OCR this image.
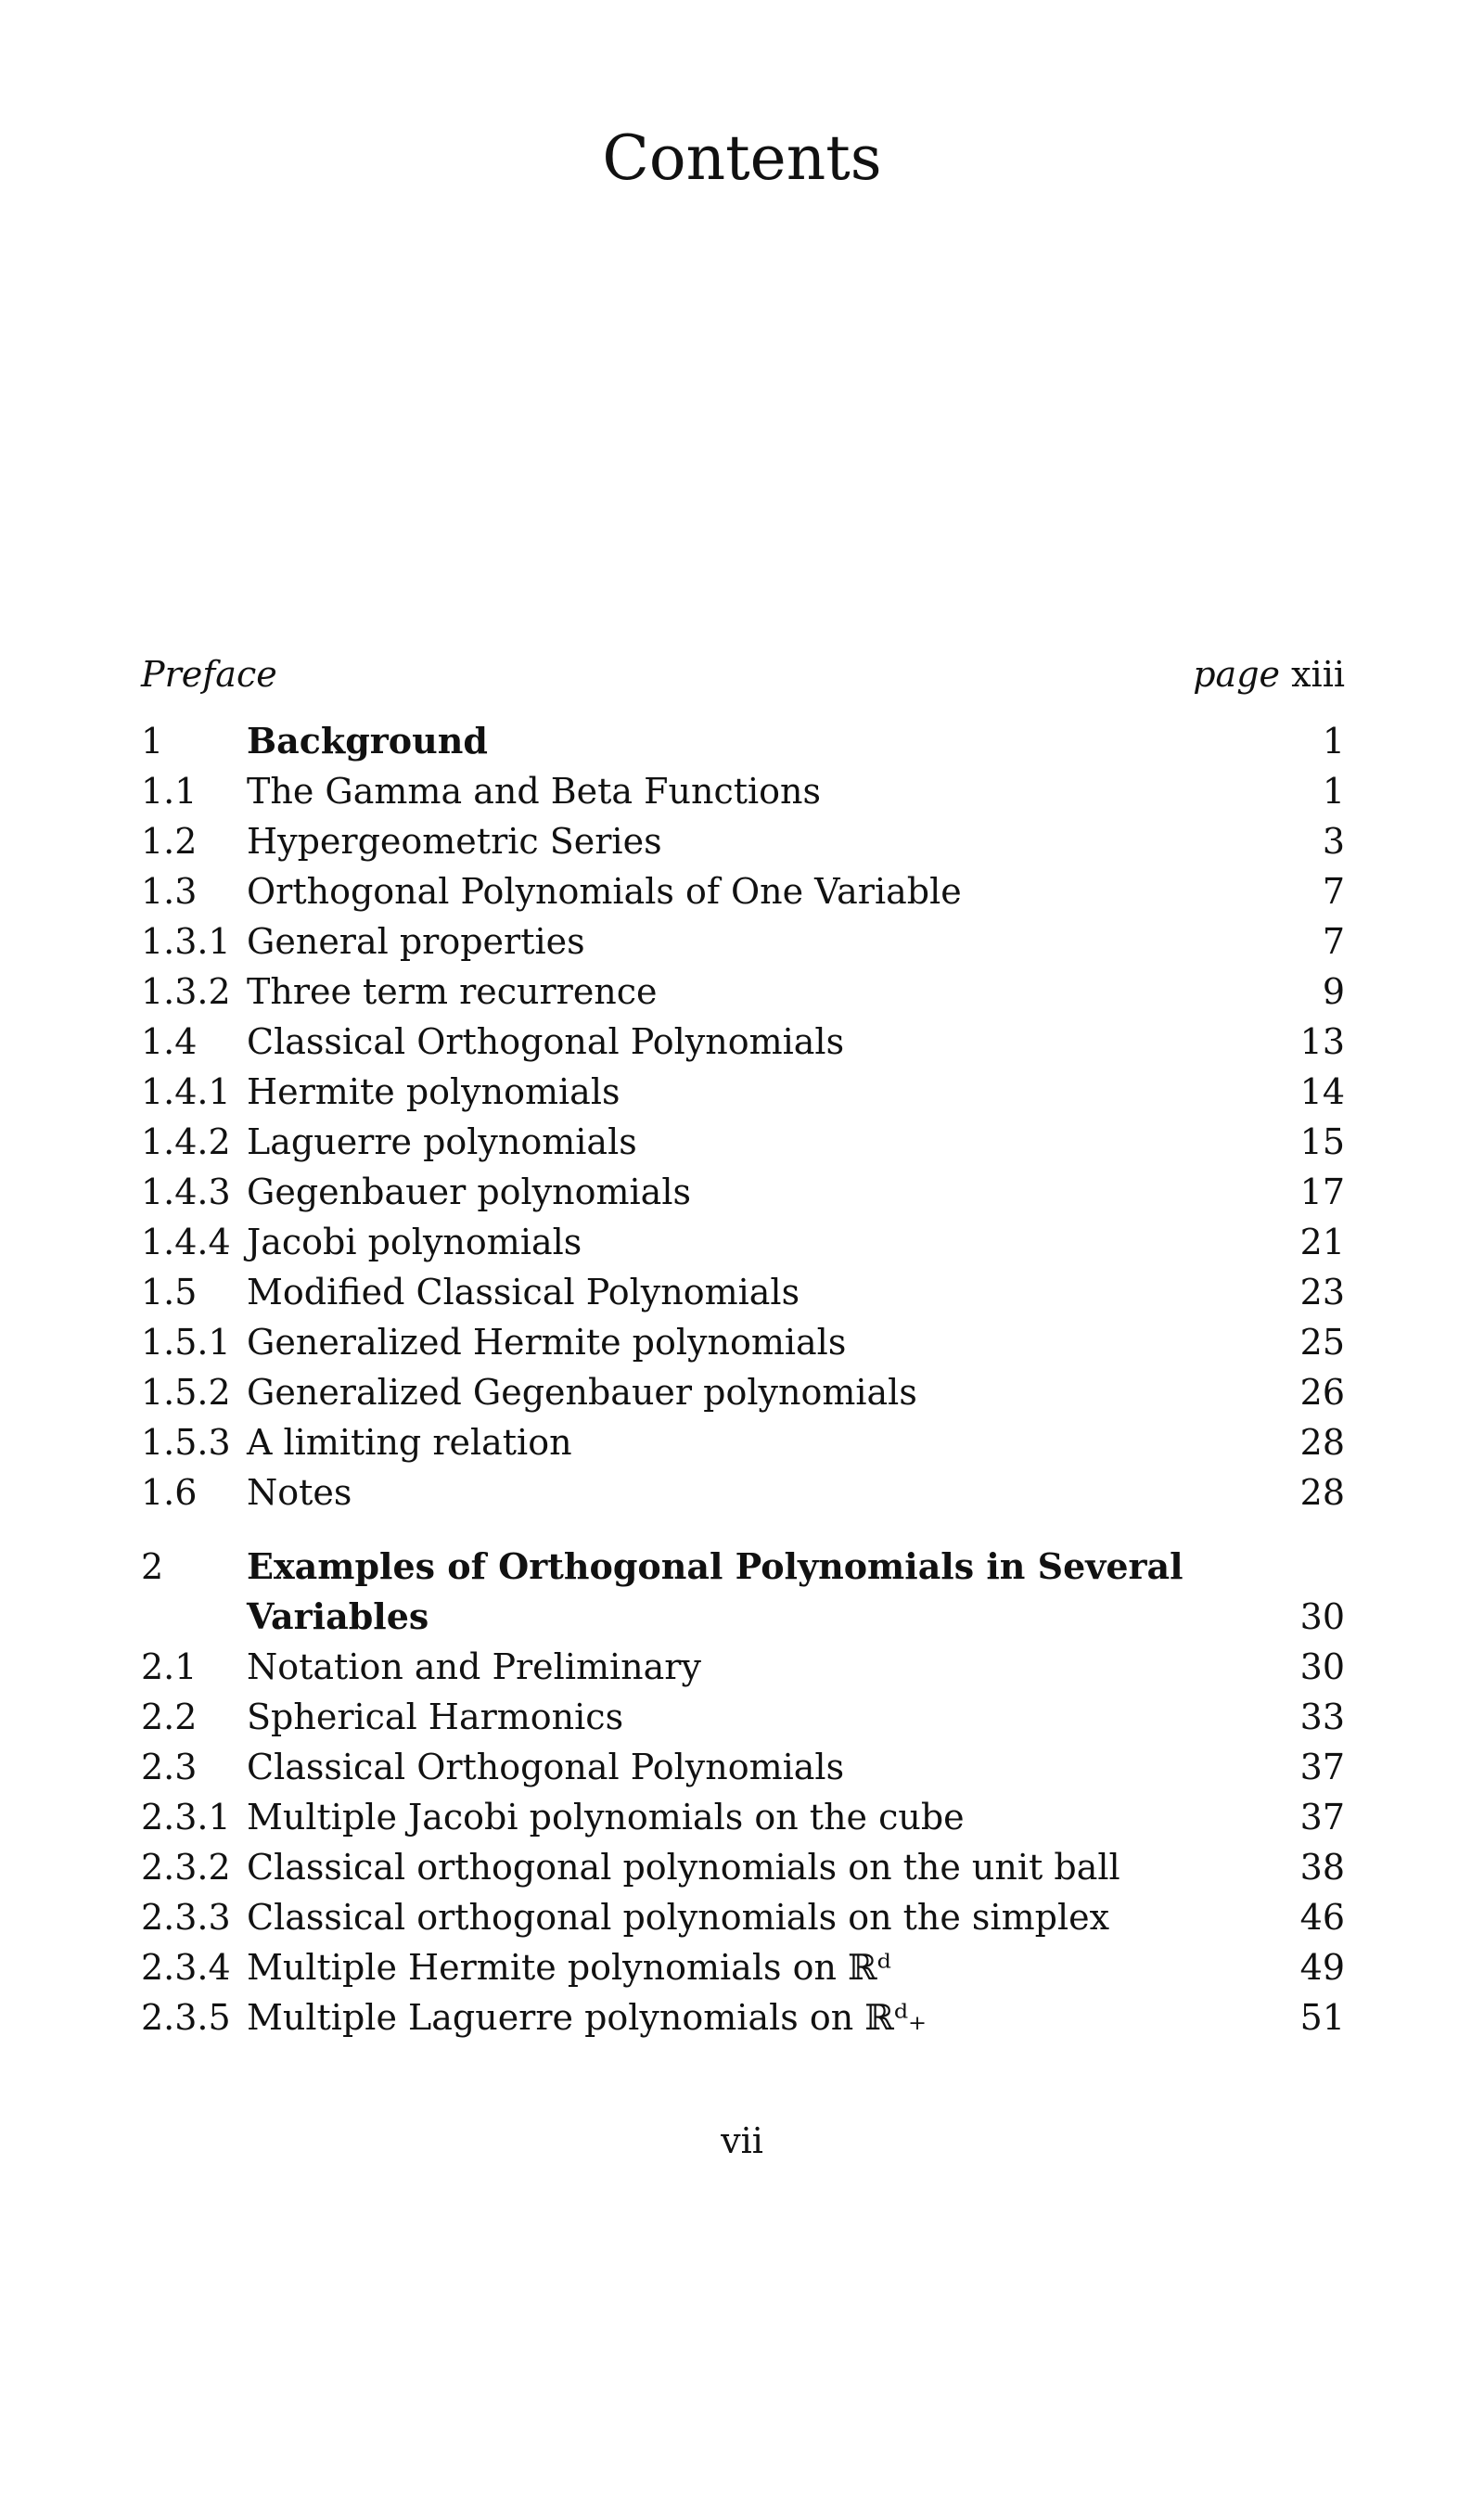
Contents
Preface	page xiii
1 Background	1
1.1 The Gamma and Beta Functions	1
1.2 Hypergeometric Series	3
1.3 Orthogonal Polynomials of One Variable	7
1.3.1 General properties	7
1.3.2 Three term recurrence	9
1.4 Classical Orthogonal Polynomials	13
1.4.1 Hermite polynomials	14
1.4.2 Laguerre polynomials	15
1.4.3 Gegenbauer polynomials	17
1.4.4 Jacobi polynomials	21
1.5 Modified Classical Polynomials	23
1.5.1 Generalized Hermite polynomials	25
1.5.2 Generalized Gegenbauer polynomials	26
1.5.3 A limiting relation	28
1.6 Notes	28
2 Examples of Orthogonal Polynomials in Several Variables	30
2.1 Notation and Preliminary	30
2.2 Spherical Harmonics	33
2.3 Classical Orthogonal Polynomials	37
2.3.1 Multiple Jacobi polynomials on the cube	37
2.3.2 Classical orthogonal polynomials on the unit ball	38
2.3.3 Classical orthogonal polynomials on the simplex	46
2.3.4 Multiple Hermite polynomials on ℝᵈ	49
2.3.5 Multiple Laguerre polynomials on ℝᵈ₊	51
vii
